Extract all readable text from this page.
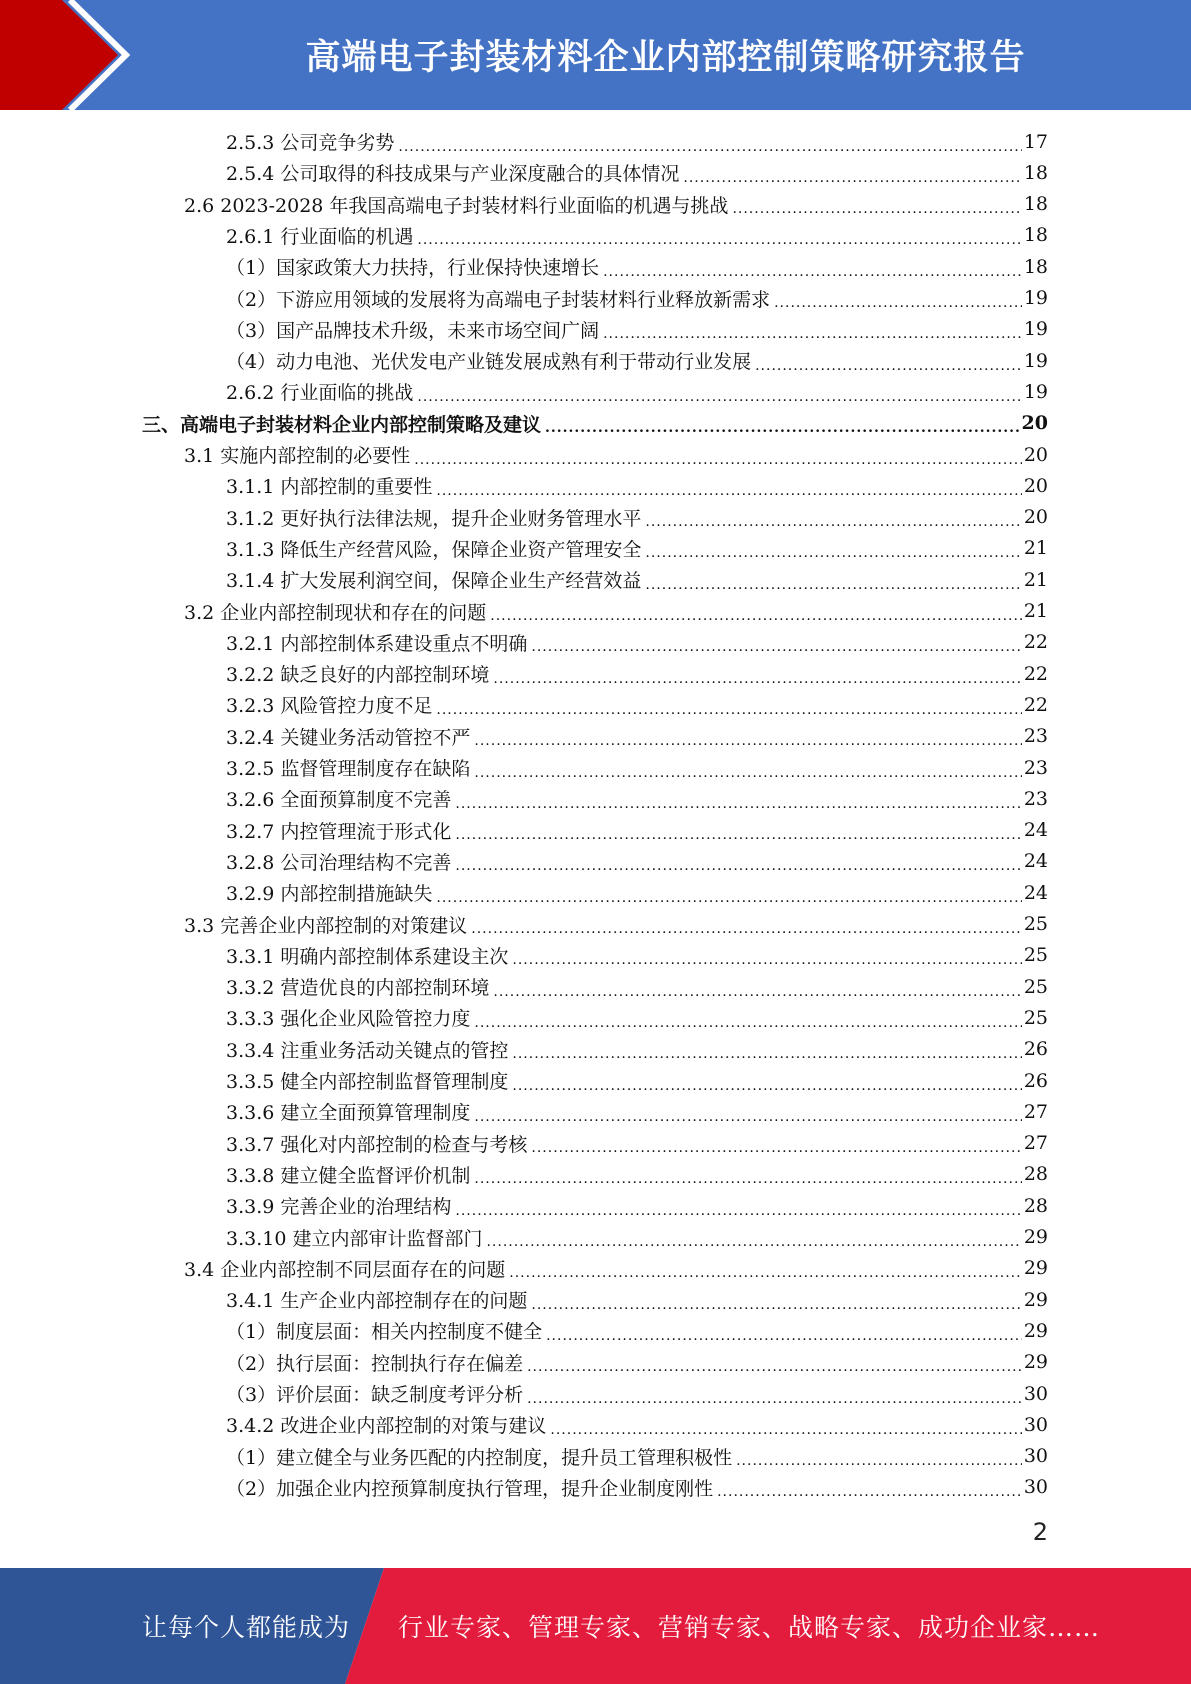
高端电子封装材料企业内部控制策略研究报告
2.5.3 公司竞争劣势 .....	17
2.5.4 公司取得的科技成果与产业深度融合的具体情况 .....	18
2.6 2023-2028 年我国高端电子封装材料行业面临的机遇与挑战 .....	18
2.6.1 行业面临的机遇 .....	18
（1）国家政策大力扶持，行业保持快速增长 .....	18
（2）下游应用领域的发展将为高端电子封装材料行业释放新需求 .....	19
（3）国产品牌技术升级，未来市场空间广阔 .....	19
（4）动力电池、光伏发电产业链发展成熟有利于带动行业发展 .....	19
2.6.2 行业面临的挑战 .....	19
三、高端电子封装材料企业内部控制策略及建议 .....	20
3.1 实施内部控制的必要性 .....	20
3.1.1 内部控制的重要性 .....	20
3.1.2 更好执行法律法规，提升企业财务管理水平 .....	20
3.1.3 降低生产经营风险，保障企业资产管理安全 .....	21
3.1.4 扩大发展利润空间，保障企业生产经营效益 .....	21
3.2 企业内部控制现状和存在的问题 .....	21
3.2.1 内部控制体系建设重点不明确 .....	22
3.2.2 缺乏良好的内部控制环境 .....	22
3.2.3 风险管控力度不足 .....	22
3.2.4 关键业务活动管控不严 .....	23
3.2.5 监督管理制度存在缺陷 .....	23
3.2.6 全面预算制度不完善 .....	23
3.2.7 内控管理流于形式化 .....	24
3.2.8 公司治理结构不完善 .....	24
3.2.9 内部控制措施缺失 .....	24
3.3 完善企业内部控制的对策建议 .....	25
3.3.1 明确内部控制体系建设主次 .....	25
3.3.2 营造优良的内部控制环境 .....	25
3.3.3 强化企业风险管控力度 .....	25
3.3.4 注重业务活动关键点的管控 .....	26
3.3.5 健全内部控制监督管理制度 .....	26
3.3.6 建立全面预算管理制度 .....	27
3.3.7 强化对内部控制的检查与考核 .....	27
3.3.8 建立健全监督评价机制 .....	28
3.3.9 完善企业的治理结构 .....	28
3.3.10 建立内部审计监督部门 .....	29
3.4 企业内部控制不同层面存在的问题 .....	29
3.4.1 生产企业内部控制存在的问题 .....	29
（1）制度层面：相关内控制度不健全 .....	29
（2）执行层面：控制执行存在偏差 .....	29
（3）评价层面：缺乏制度考评分析 .....	30
3.4.2 改进企业内部控制的对策与建议 .....	30
（1）建立健全与业务匹配的内控制度，提升员工管理积极性 .....	30
（2）加强企业内控预算制度执行管理，提升企业制度刚性 .....	30
2
让每个人都能成为 行业专家、管理专家、营销专家、战略专家、成功企业家……
